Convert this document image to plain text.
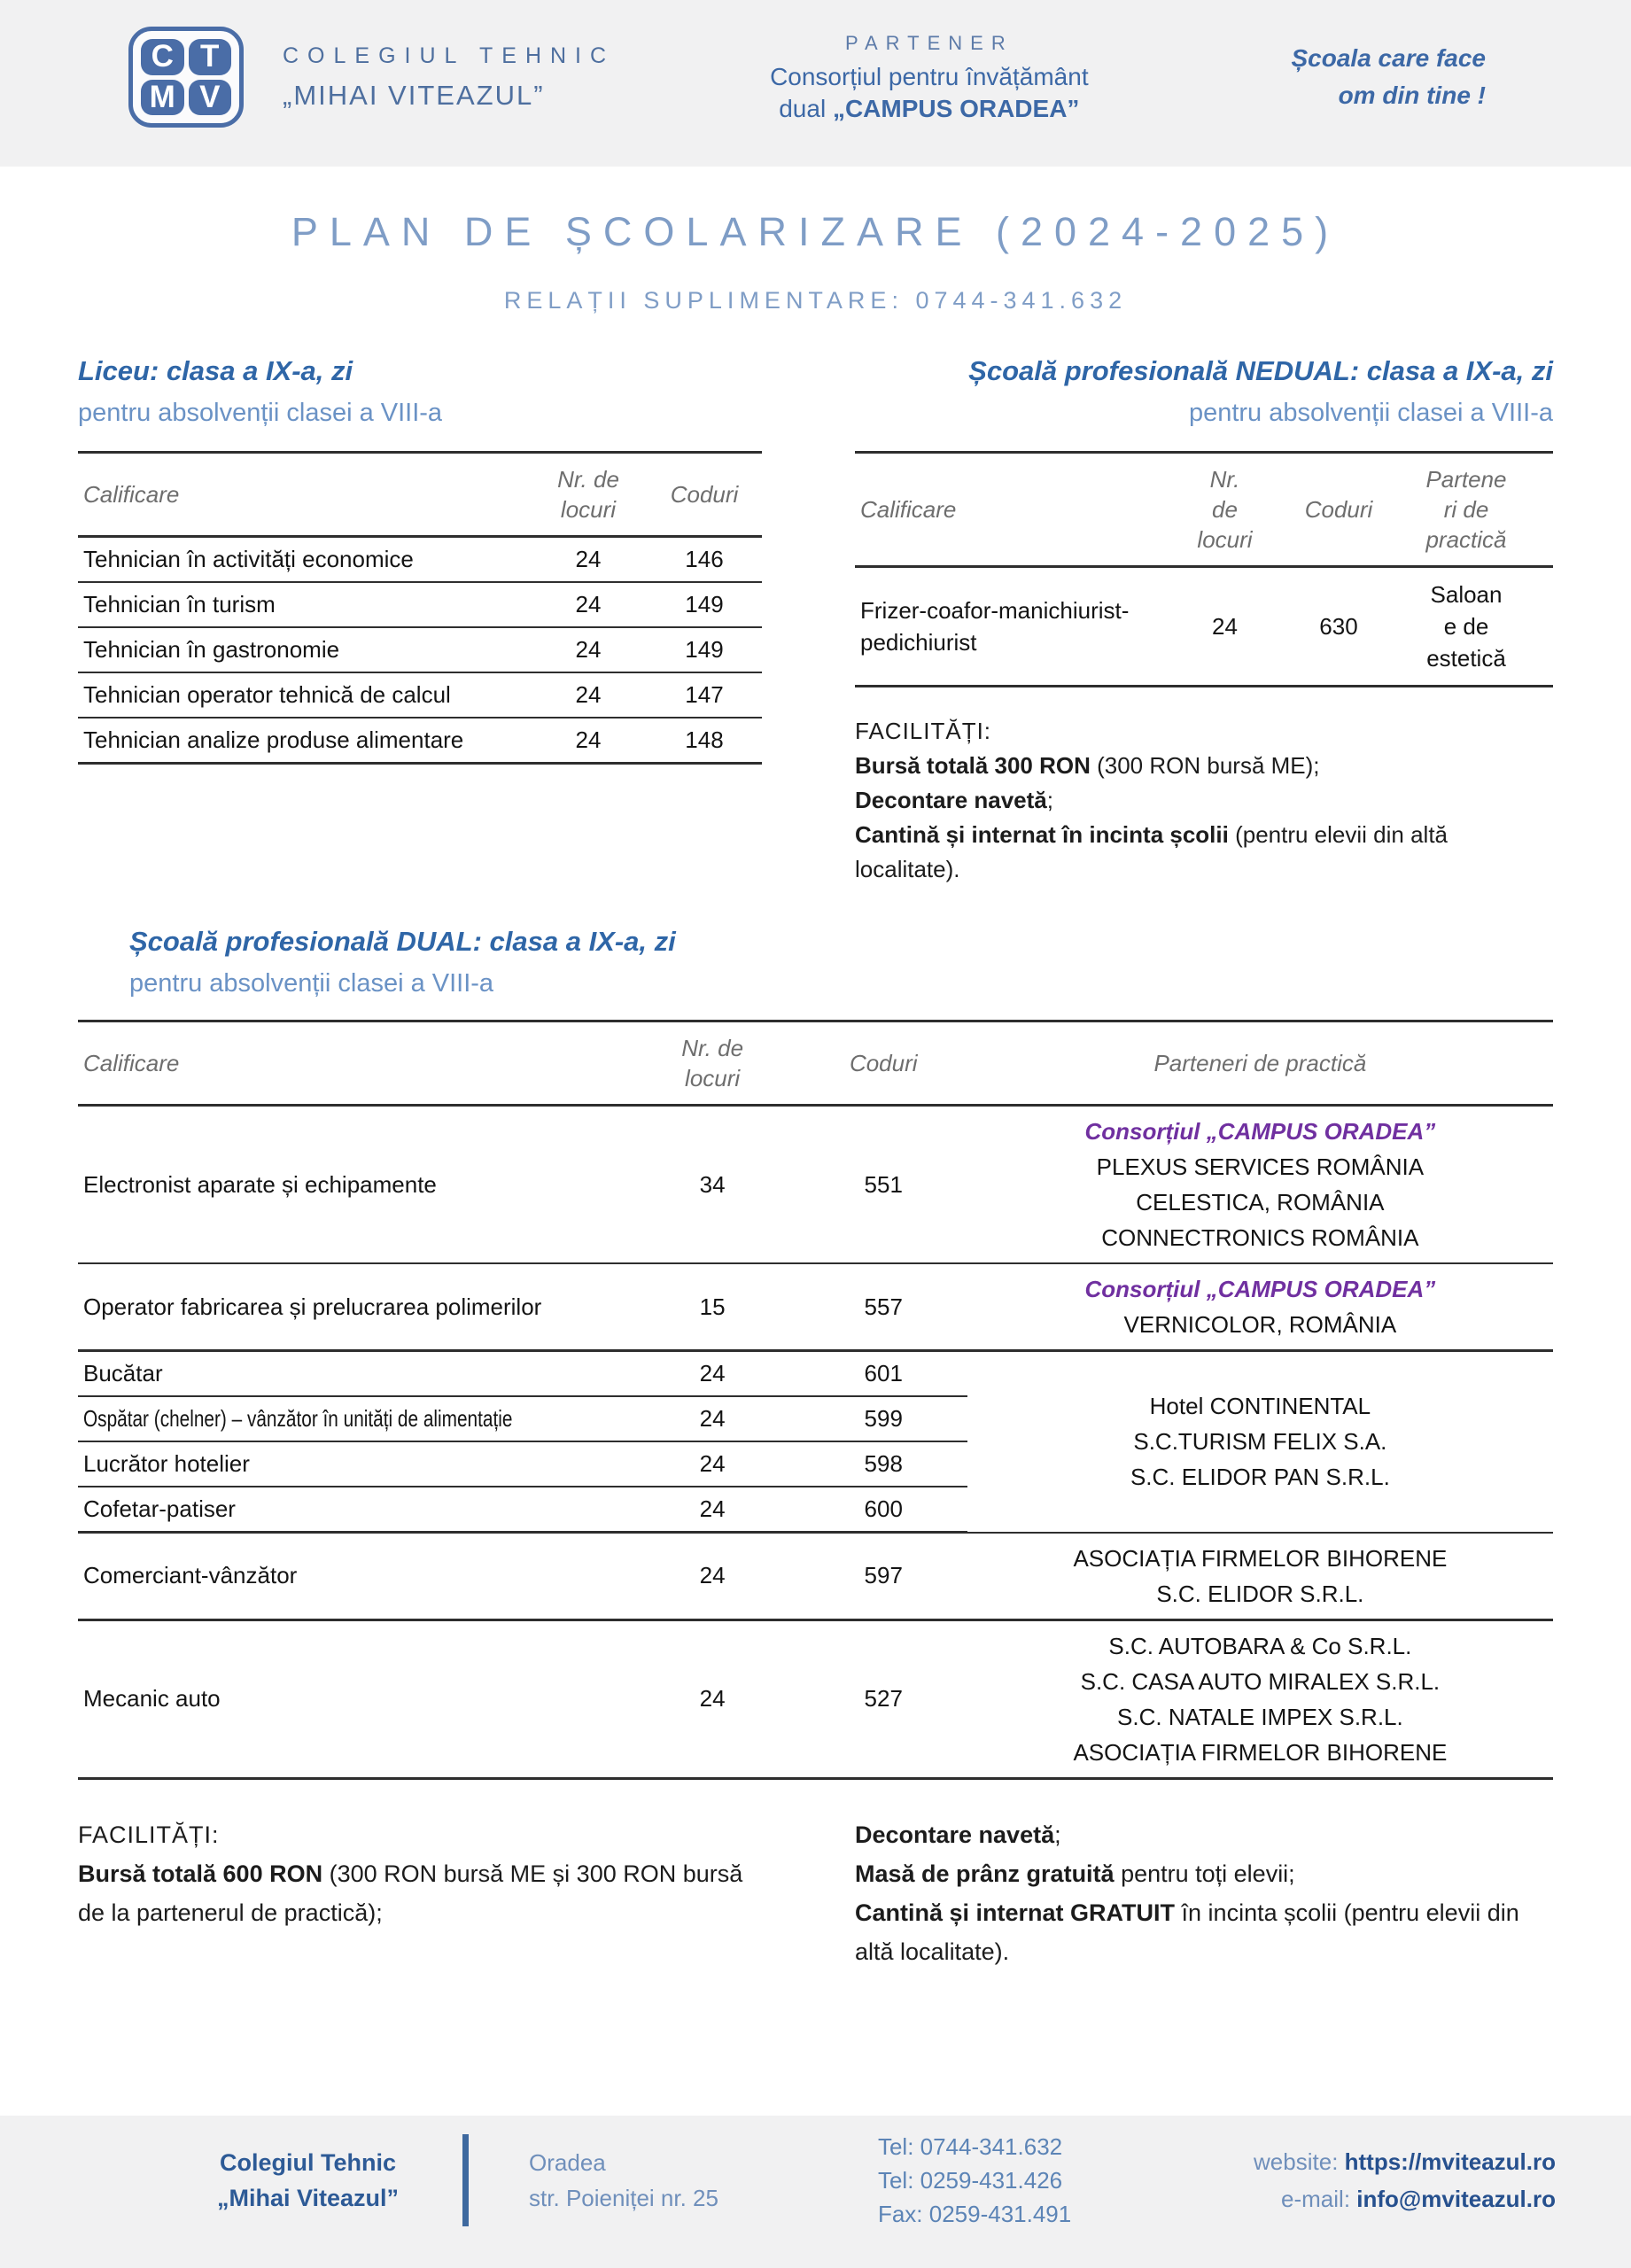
C T
M V
COLEGIUL TEHNIC
„MIHAI VITEAZUL”
PARTENER
Consorțiul pentru învățământ
dual „CAMPUS ORADEA”
Școala care face
om din tine !
PLAN DE ȘCOLARIZARE (2024-2025)
RELAȚII SUPLIMENTARE: 0744-341.632
Liceu: clasa a IX-a, zi
pentru absolvenții clasei a VIII-a
Calificare	Nr. de locuri	Coduri
Tehnician în activități economice	24	146
Tehnician în turism	24	149
Tehnician în gastronomie	24	149
Tehnician operator tehnică de calcul	24	147
Tehnician analize produse alimentare	24	148
Școală profesională NEDUAL: clasa a IX-a, zi
pentru absolvenții clasei a VIII-a
Calificare	Nr. de locuri	Coduri	Parteneri de practică

Frizer-coafor-manichiurist-pedichiurist	24	630	Saloane de estetică
FACILITĂȚI:
Bursă totală 300 RON (300 RON bursă ME);
Decontare navetă;
Cantină și internat în incinta școlii (pentru elevii din altă localitate).
Școală profesională DUAL: clasa a IX-a, zi
pentru absolvenții clasei a VIII-a
Calificare	Nr. de locuri	Coduri	Parteneri de practică
Electronist aparate și echipamente	34	551	Consorțiul „CAMPUS ORADEA”
PLEXUS SERVICES ROMÂNIA
CELESTICA, ROMÂNIA
CONNECTRONICS ROMÂNIA

Operator fabricarea și prelucrarea polimerilor	15	557	Consorțiul „CAMPUS ORADEA”
VERNICOLOR, ROMÂNIA

Bucătar	24	601	Hotel CONTINENTAL
S.C.TURISM FELIX S.A.
S.C. ELIDOR PAN S.R.L.

Ospătar (chelner) – vânzător în unități de alimentație	24	599	
Lucrător hotelier	24	598	
Cofetar-patiser	24	600	
Comerciant-vânzător	24	597	ASOCIAȚIA FIRMELOR BIHORENE
S.C. ELIDOR S.R.L.

Mecanic auto	24	527	S.C. AUTOBARA & Co S.R.L.
S.C. CASA AUTO MIRALEX S.R.L.
S.C. NATALE IMPEX S.R.L.
ASOCIAȚIA FIRMELOR BIHORENE
FACILITĂȚI:
Bursă totală 600 RON (300 RON bursă ME și 300 RON bursă de la partenerul de practică);
Decontare navetă;
Masă de prânz gratuită pentru toți elevii;
Cantină și internat GRATUIT în incinta școlii (pentru elevii din altă localitate).
Colegiul Tehnic
„Mihai Viteazul”
Oradea
str. Poieniței nr. 25
Tel: 0744-341.632
Tel: 0259-431.426
Fax: 0259-431.491
website: https://mviteazul.ro
e-mail: info@mviteazul.ro
